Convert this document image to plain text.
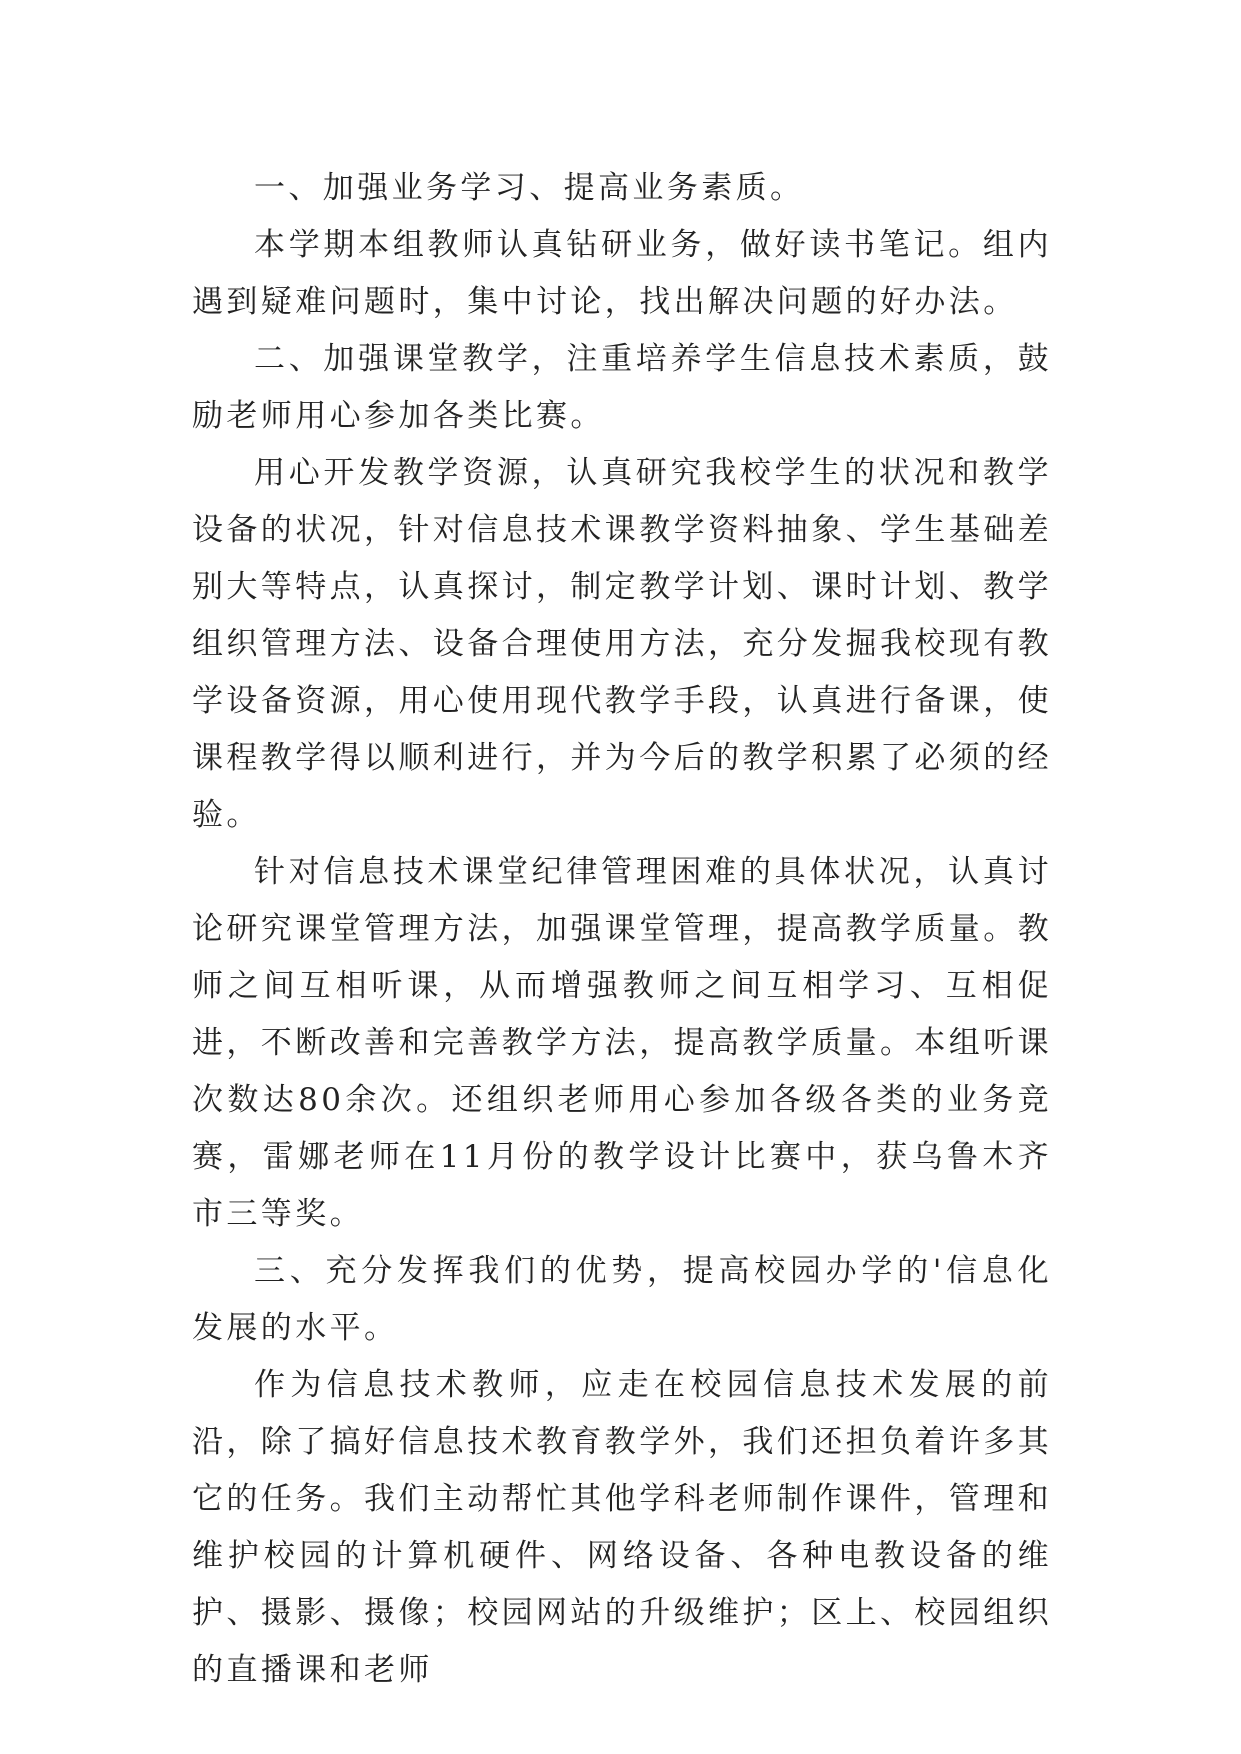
一、加强业务学习、提高业务素质。

本学期本组教师认真钻研业务，做好读书笔记。组内遇到疑难问题时，集中讨论，找出解决问题的好办法。

二、加强课堂教学，注重培养学生信息技术素质，鼓励老师用心参加各类比赛。

用心开发教学资源，认真研究我校学生的状况和教学设备的状况，针对信息技术课教学资料抽象、学生基础差别大等特点，认真探讨，制定教学计划、课时计划、教学组织管理方法、设备合理使用方法，充分发掘我校现有教学设备资源，用心使用现代教学手段，认真进行备课，使课程教学得以顺利进行，并为今后的教学积累了必须的经验。

针对信息技术课堂纪律管理困难的具体状况，认真讨论研究课堂管理方法，加强课堂管理，提高教学质量。教师之间互相听课，从而增强教师之间互相学习、互相促进，不断改善和完善教学方法，提高教学质量。本组听课次数达80余次。还组织老师用心参加各级各类的业务竞赛，雷娜老师在11月份的教学设计比赛中，获乌鲁木齐市三等奖。

三、充分发挥我们的优势，提高校园办学的'信息化发展的水平。

作为信息技术教师，应走在校园信息技术发展的前沿，除了搞好信息技术教育教学外，我们还担负着许多其它的任务。我们主动帮忙其他学科老师制作课件，管理和维护校园的计算机硬件、网络设备、各种电教设备的维护、摄影、摄像；校园网站的升级维护；区上、校园组织的直播课和老师
